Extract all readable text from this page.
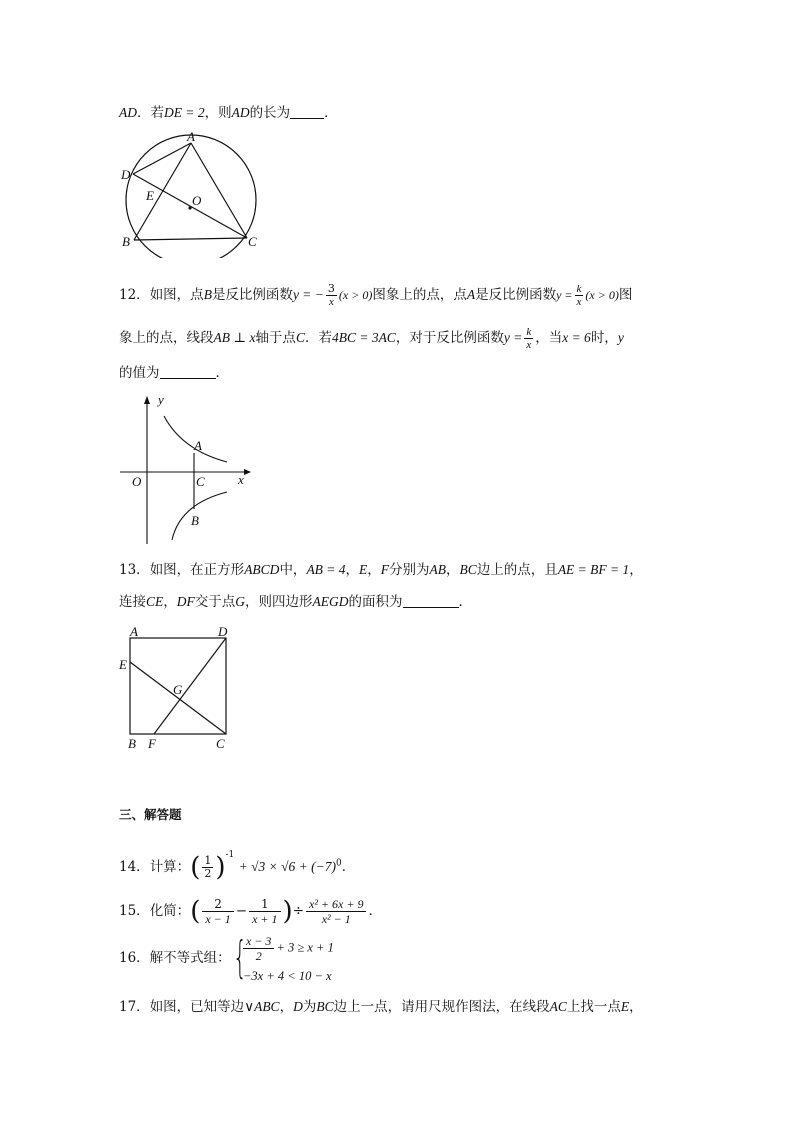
AD．若DE = 2，则AD的长为	．
A
D
E	O
B	C
12．如图，点B是反比例函数y = − $\frac{3}{x} (x > 0)$图象上的点，点A是反比例函数$y = \frac{k}{x} (x > 0)$图
象上的点，线段AB ⊥ x轴于点C．若4BC = 3AC，对于反比例函数$y = \frac{k}{x}$ ，当x = 6时，y
的值为	．
y
x
O
A
C
B
13．如图，在正方形ABCD中，AB = 4，E，F分别为AB，BC边上的点，且AE = BF = 1，
连接CE，DF交于点G，则四边形AEGD的面积为	．
A	D
E
G
B F	C
三、解答题
14．计算：( $\frac{1}{2} )^{-1} + √3 \times √6 + (-7)^0$．
15．化简：( $\frac{2}{x - 1} - \frac{1}{x + 1}$ )÷ $\frac{\text{x² + 6x + 9}}{\text{x² − 1}}$ ．
16．解不等式组： {
$\frac{x - 3}{2} + 3 \ge x + 1$
−3x + 4 < 10 − x
17．如图，已知等边∨ABC，D为BC边上一点，请用尺规作图法，在线段AC上找一点E，
